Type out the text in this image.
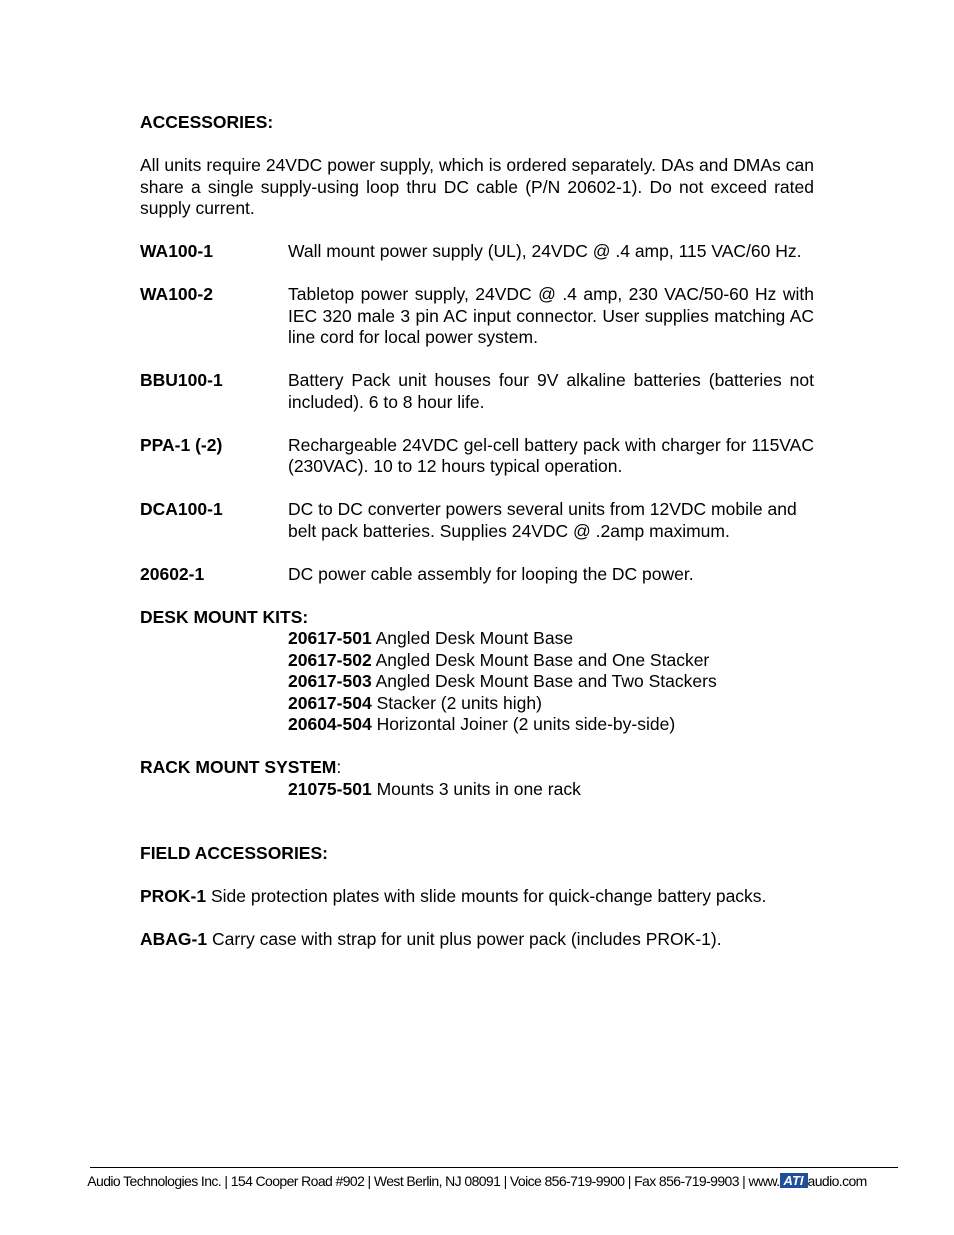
ACCESSORIES:

All units require 24VDC power supply, which is ordered separately. DAs and DMAs can share a single supply-using loop thru DC cable (P/N 20602-1). Do not exceed rated supply current.

WA100-1	Wall mount power supply (UL), 24VDC @ .4 amp, 115 VAC/60 Hz.
WA100-2	Tabletop power supply, 24VDC @ .4 amp, 230 VAC/50-60 Hz with IEC 320 male 3 pin AC input connector. User supplies matching AC line cord for local power system.
BBU100-1	Battery Pack unit houses four 9V alkaline batteries (batteries not included). 6 to 8 hour life.
PPA-1 (-2)	Rechargeable 24VDC gel-cell battery pack with charger for 115VAC (230VAC). 10 to 12 hours typical operation.
DCA100-1	DC to DC converter powers several units from 12VDC mobile and belt pack batteries. Supplies 24VDC @ .2amp maximum.
20602-1	DC power cable assembly for looping the DC power.

DESK MOUNT KITS:

20617-501 Angled Desk Mount Base
20617-502 Angled Desk Mount Base and One Stacker
20617-503 Angled Desk Mount Base and Two Stackers
20617-504 Stacker (2 units high)
20604-504 Horizontal Joiner (2 units side-by-side)

RACK MOUNT SYSTEM:

21075-501 Mounts 3 units in one rack

FIELD ACCESSORIES:

PROK-1 Side protection plates with slide mounts for quick-change battery packs.
ABAG-1 Carry case with strap for unit plus power pack (includes PROK-1).
Audio Technologies Inc. | 154 Cooper Road #902 | West Berlin, NJ 08091 | Voice 856-719-9900 | Fax 856-719-9903 | www. ATI audio.com
